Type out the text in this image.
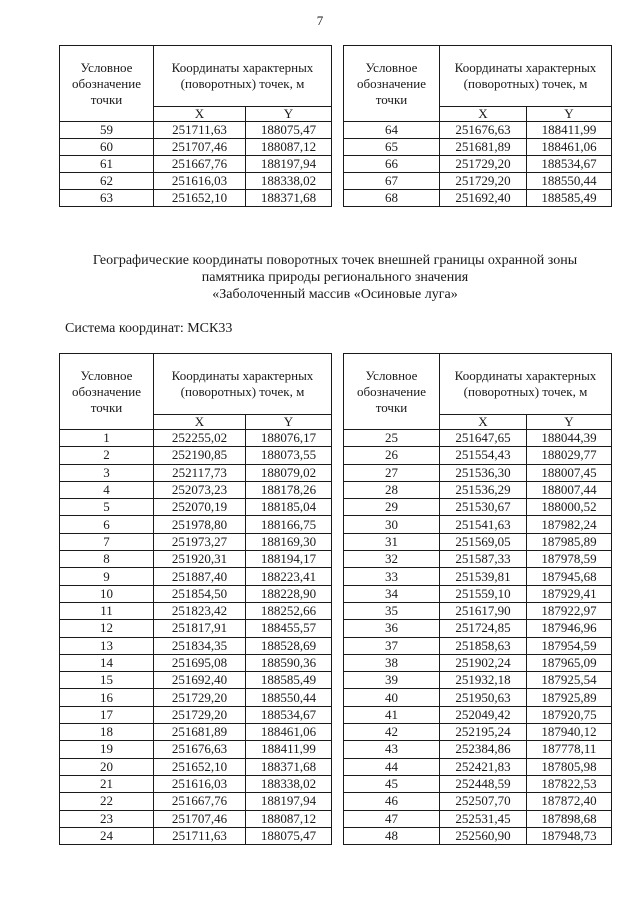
7
Условное обозначение точки	Координаты характерных (поворотных) точек, м	
	X	Y
59	251711,63	188075,47
60	251707,46	188087,12
61	251667,76	188197,94
62	251616,03	188338,02
63	251652,10	188371,68
Условное обозначение точки	Координаты характерных (поворотных) точек, м	
	X	Y
64	251676,63	188411,99
65	251681,89	188461,06
66	251729,20	188534,67
67	251729,20	188550,44
68	251692,40	188585,49
Географические координаты поворотных точек внешней границы охранной зоны
памятника природы регионального значения
«Заболоченный массив «Осиновые луга»
Система координат: МСК33
Условное обозначение точки	Координаты характерных (поворотных) точек, м	
	X	Y
1	252255,02	188076,17
2	252190,85	188073,55
3	252117,73	188079,02
4	252073,23	188178,26
5	252070,19	188185,04
6	251978,80	188166,75
7	251973,27	188169,30
8	251920,31	188194,17
9	251887,40	188223,41
10	251854,50	188228,90
11	251823,42	188252,66
12	251817,91	188455,57
13	251834,35	188528,69
14	251695,08	188590,36
15	251692,40	188585,49
16	251729,20	188550,44
17	251729,20	188534,67
18	251681,89	188461,06
19	251676,63	188411,99
20	251652,10	188371,68
21	251616,03	188338,02
22	251667,76	188197,94
23	251707,46	188087,12
24	251711,63	188075,47
Условное обозначение точки	Координаты характерных (поворотных) точек, м	
	X	Y
25	251647,65	188044,39
26	251554,43	188029,77
27	251536,30	188007,45
28	251536,29	188007,44
29	251530,67	188000,52
30	251541,63	187982,24
31	251569,05	187985,89
32	251587,33	187978,59
33	251539,81	187945,68
34	251559,10	187929,41
35	251617,90	187922,97
36	251724,85	187946,96
37	251858,63	187954,59
38	251902,24	187965,09
39	251932,18	187925,54
40	251950,63	187925,89
41	252049,42	187920,75
42	252195,24	187940,12
43	252384,86	187778,11
44	252421,83	187805,98
45	252448,59	187822,53
46	252507,70	187872,40
47	252531,45	187898,68
48	252560,90	187948,73
